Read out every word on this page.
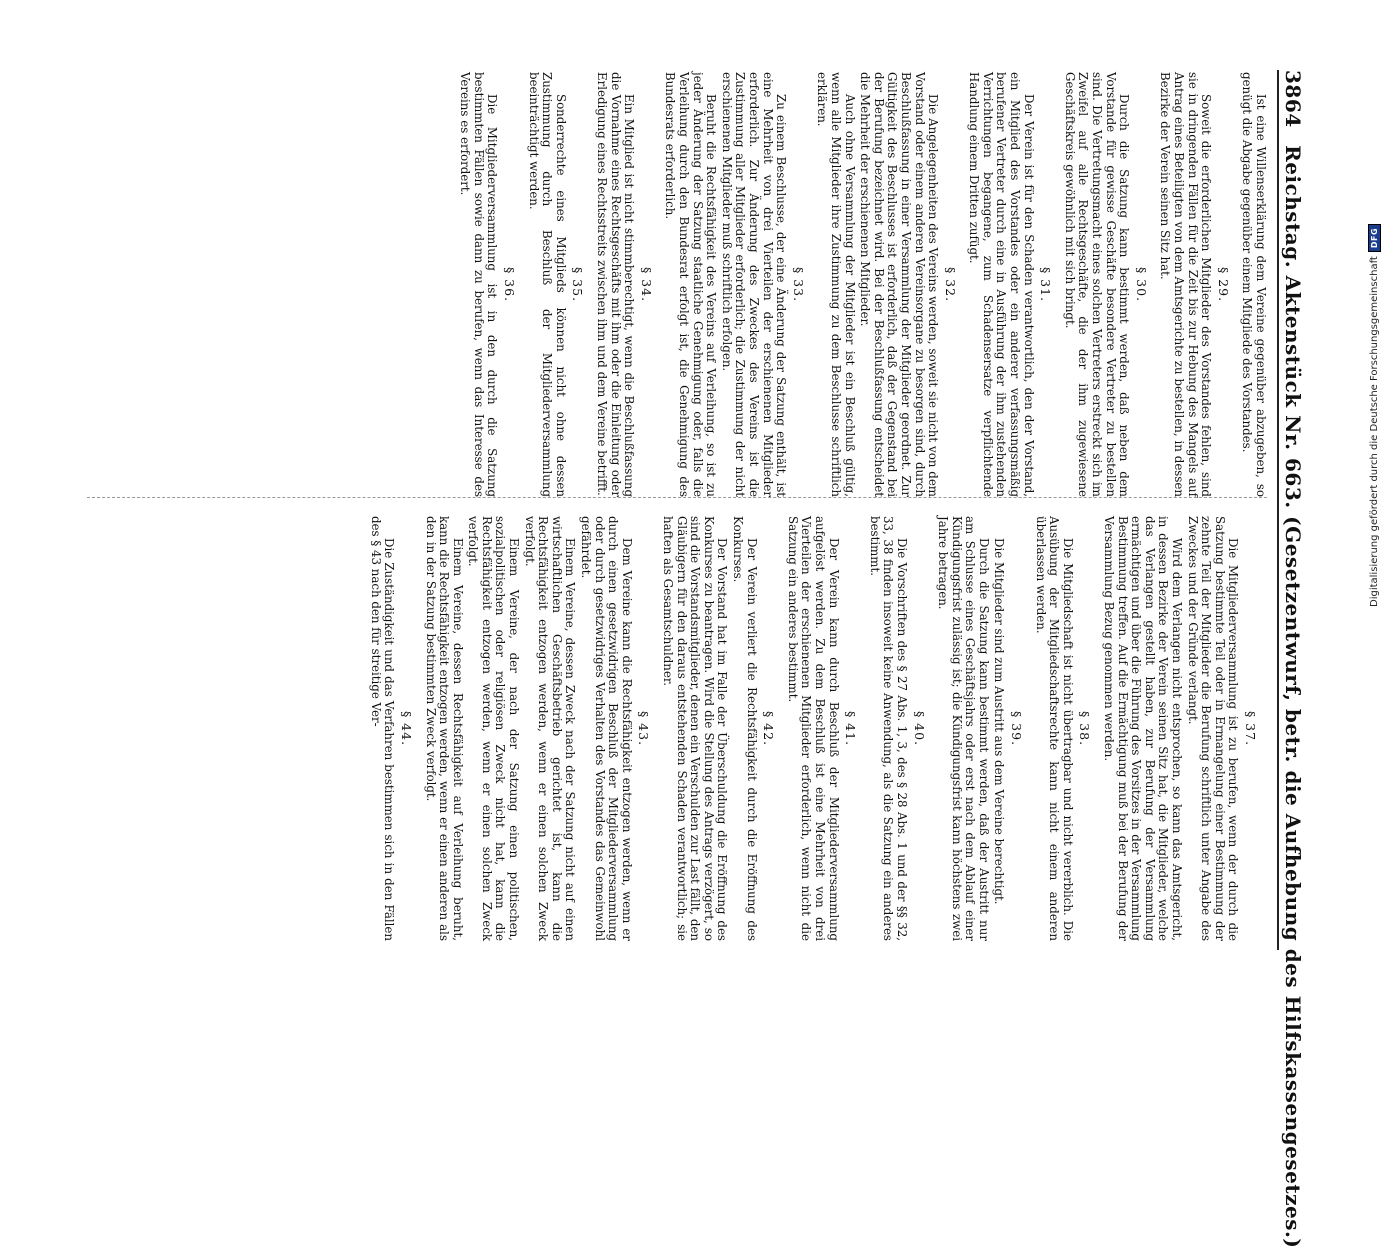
3864 Reichstag. Aktenstück Nr. 663. (Gesetzentwurf, betr. die Aufhebung des Hilfskassengesetzes.)

Ist eine Willenserklärung dem Vereine gegenüber abzugeben, so genügt die Abgabe gegenüber einem Mitgliede des Vorstandes.

§ 29.

Soweit die erforderlichen Mitglieder des Vorstandes fehlen, sind sie in dringenden Fällen für die Zeit bis zur Hebung des Mangels auf Antrag eines Beteiligten von dem Amtsgerichte zu bestellen, in dessen Bezirke der Verein seinen Sitz hat.

§ 30.

Durch die Satzung kann bestimmt werden, daß neben dem Vorstande für gewisse Geschäfte besondere Vertreter zu bestellen sind. Die Vertretungsmacht eines solchen Vertreters erstreckt sich im Zweifel auf alle Rechtsgeschäfte, die der ihm zugewiesene Geschäftskreis gewöhnlich mit sich bringt.

§ 31.

Der Verein ist für den Schaden verantwortlich, den der Vorstand, ein Mitglied des Vorstandes oder ein anderer verfassungsmäßig berufener Vertreter durch eine in Ausführung der ihm zustehenden Verrichtungen begangene, zum Schadensersatze verpflichtende Handlung einem Dritten zufügt.

§ 32.

Die Angelegenheiten des Vereins werden, soweit sie nicht von dem Vorstand oder einem anderen Vereinsorgane zu besorgen sind, durch Beschlußfassung in einer Versammlung der Mitglieder geordnet. Zur Gültigkeit des Beschlusses ist erforderlich, daß der Gegenstand bei der Berufung bezeichnet wird. Bei der Beschlußfassung entscheidet die Mehrheit der erschienenen Mitglieder.

Auch ohne Versammlung der Mitglieder ist ein Beschluß gültig, wenn alle Mitglieder ihre Zustimmung zu dem Beschlusse schriftlich erklären.

§ 33.

Zu einem Beschlusse, der eine Änderung der Satzung enthält, ist eine Mehrheit von drei Vierteilen der erschienenen Mitglieder erforderlich. Zur Änderung des Zweckes des Vereins ist die Zustimmung aller Mitglieder erforderlich; die Zustimmung der nicht erschienenen Mitglieder muß schriftlich erfolgen.

Beruht die Rechtsfähigkeit des Vereins auf Verleihung, so ist zu jeder Änderung der Satzung staatliche Genehmigung oder, falls die Verleihung durch den Bundesrat erfolgt ist, die Genehmigung des Bundesrats erforderlich.

§ 34.

Ein Mitglied ist nicht stimmberechtigt, wenn die Beschlußfassung die Vornahme eines Rechtsgeschäfts mit ihm oder die Einleitung oder Erledigung eines Rechtsstreits zwischen ihm und dem Vereine betrifft.

§ 35.

Sonderrechte eines Mitglieds können nicht ohne dessen Zustimmung durch Beschluß der Mitgliederversammlung beeinträchtigt werden.

§ 36.

Die Mitgliederversammlung ist in den durch die Satzung bestimmten Fällen sowie dann zu berufen, wenn das Interesse des Vereins es erfordert.

§ 37.

Die Mitgliederversammlung ist zu berufen, wenn der durch die Satzung bestimmte Teil oder in Ermangelung einer Bestimmung der zehnte Teil der Mitglieder die Berufung schriftlich unter Angabe des Zweckes und der Gründe verlangt.

Wird dem Verlangen nicht entsprochen, so kann das Amtsgericht, in dessen Bezirke der Verein seinen Sitz hat, die Mitglieder, welche das Verlangen gestellt haben, zur Berufung der Versammlung ermächtigen und über die Führung des Vorsitzes in der Versammlung Bestimmung treffen. Auf die Ermächtigung muß bei der Berufung der Versammlung Bezug genommen werden.

§ 38.

Die Mitgliedschaft ist nicht übertragbar und nicht vererblich. Die Ausübung der Mitgliedschaftsrechte kann nicht einem anderen überlassen werden.

§ 39.

Die Mitglieder sind zum Austritt aus dem Vereine berechtigt.

Durch die Satzung kann bestimmt werden, daß der Austritt nur am Schlusse eines Geschäftsjahrs oder erst nach dem Ablauf einer Kündigungsfrist zulässig ist; die Kündigungsfrist kann höchstens zwei Jahre betragen.

§ 40.

Die Vorschriften des § 27 Abs. 1, 3, des § 28 Abs. 1 und der §§ 32, 33, 38 finden insoweit keine Anwendung, als die Satzung ein anderes bestimmt.

§ 41.

Der Verein kann durch Beschluß der Mitgliederversammlung aufgelöst werden. Zu dem Beschluß ist eine Mehrheit von drei Vierteilen der erschienenen Mitglieder erforderlich, wenn nicht die Satzung ein anderes bestimmt.

§ 42.

Der Verein verliert die Rechtsfähigkeit durch die Eröffnung des Konkurses.

Der Vorstand hat im Falle der Überschuldung die Eröffnung des Konkurses zu beantragen. Wird die Stellung des Antrags verzögert, so sind die Vorstandsmitglieder, denen ein Verschulden zur Last fällt, den Gläubigern für den daraus entstehenden Schaden verantwortlich; sie haften als Gesamtschuldner.

§ 43.

Dem Vereine kann die Rechtsfähigkeit entzogen werden, wenn er durch einen gesetzwidrigen Beschluß der Mitgliederversammlung oder durch gesetzwidriges Verhalten des Vorstandes das Gemeinwohl gefährdet.

Einem Vereine, dessen Zweck nach der Satzung nicht auf einen wirtschaftlichen Geschäftsbetrieb gerichtet ist, kann die Rechtsfähigkeit entzogen werden, wenn er einen solchen Zweck verfolgt.

Einem Vereine, der nach der Satzung einen politischen, sozialpolitischen oder religiösen Zweck nicht hat, kann die Rechtsfähigkeit entzogen werden, wenn er einen solchen Zweck verfolgt.

Einem Vereine, dessen Rechtsfähigkeit auf Verleihung beruht, kann die Rechtsfähigkeit entzogen werden, wenn er einen anderen als den in der Satzung bestimmten Zweck verfolgt.

§ 44.

Die Zuständigkeit und das Verfahren bestimmen sich in den Fällen des § 43 nach den für streitige Ver-

Digitalisierung gefördert durch die Deutsche Forschungsgemeinschaft
DFG
